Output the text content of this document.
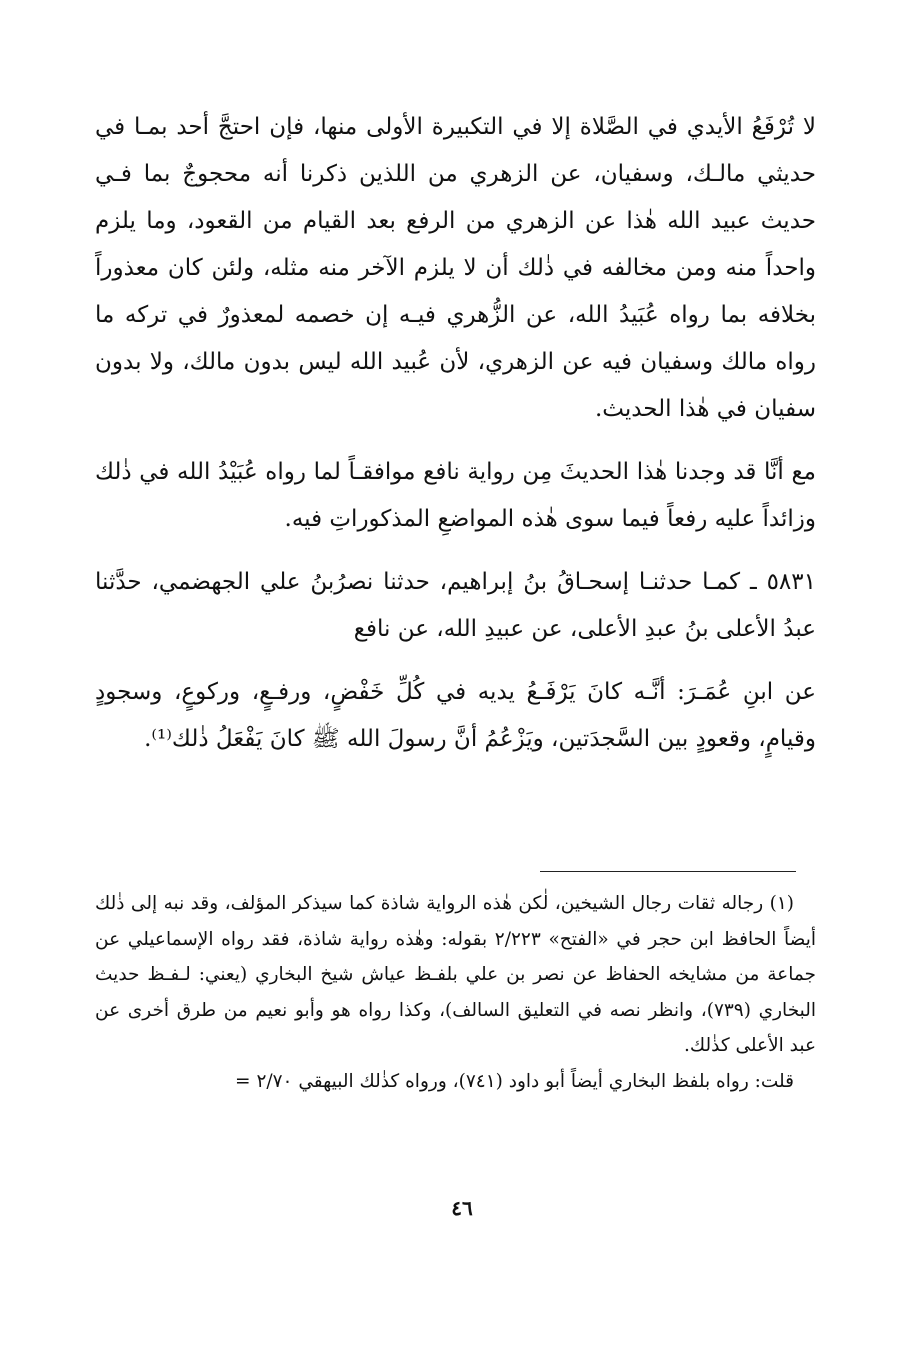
لا تُرْفَعُ الأيدي في الصَّلاة إلا في التكبيرة الأولى منها، فإن احتجَّ أحد بمـا في حديثي مالـك، وسفيان، عن الزهري من اللذين ذكرنا أنه محجوجٌ بما فـي حديث عبيد الله هٰذا عن الزهري من الرفع بعد القيام من القعود، وما يلزم واحداً منه ومن مخالفه في ذٰلك أن لا يلزم الآخر منه مثله، ولئن كان معذوراً بخلافه بما رواه عُبَيدُ الله، عن الزُّهري فيـه إن خصمه لمعذورٌ في تركه ما رواه مالك وسفيان فيه عن الزهري، لأن عُبيد الله ليس بدون مالك، ولا بدون سفيان في هٰذا الحديث.

مع أنَّا قد وجدنا هٰذا الحديثَ مِن رواية نافع موافقـاً لما رواه عُبَيْدُ الله في ذٰلك وزائداً عليه رفعاً فيما سوى هٰذه المواضعِ المذكوراتِ فيه.

٥٨٣١ ـ كمـا حدثنـا إسحـاقُ بنُ إبراهيم، حدثنا نصرُبنُ علي الجهضمي، حدَّثنا عبدُ الأعلى بنُ عبدِ الأعلى، عن عبيدِ الله، عن نافع

عن ابنِ عُمَـرَ: أنَّـه كانَ يَرْفَـعُ يديه في كُلِّ خَفْضٍ، ورفـعٍ، وركوعٍ، وسجودٍ وقيامٍ، وقعودٍ بين السَّجدَتين، ويَزْعُمُ أنَّ رسولَ الله ﷺ كانَ يَفْعَلُ ذٰلك⁽¹⁾.

(١) رجاله ثقات رجال الشيخين، لٰكن هٰذه الرواية شاذة كما سيذكر المؤلف، وقد نبه إلى ذٰلك أيضاً الحافظ ابن حجر في «الفتح» ٢/٢٢٣ بقوله: وهٰذه رواية شاذة، فقد رواه الإسماعيلي عن جماعة من مشايخه الحفاظ عن نصر بن علي بلفـظ عياش شيخ البخاري (يعني: لـفـظ حديث البخاري (٧٣٩)، وانظر نصه في التعليق السالف)، وكذا رواه هو وأبو نعيم من طرق أخرى عن عبد الأعلى كذٰلك.

قلت: رواه بلفظ البخاري أيضاً أبو داود (٧٤١)، ورواه كذٰلك البيهقي ٢/٧٠ =

٤٦
